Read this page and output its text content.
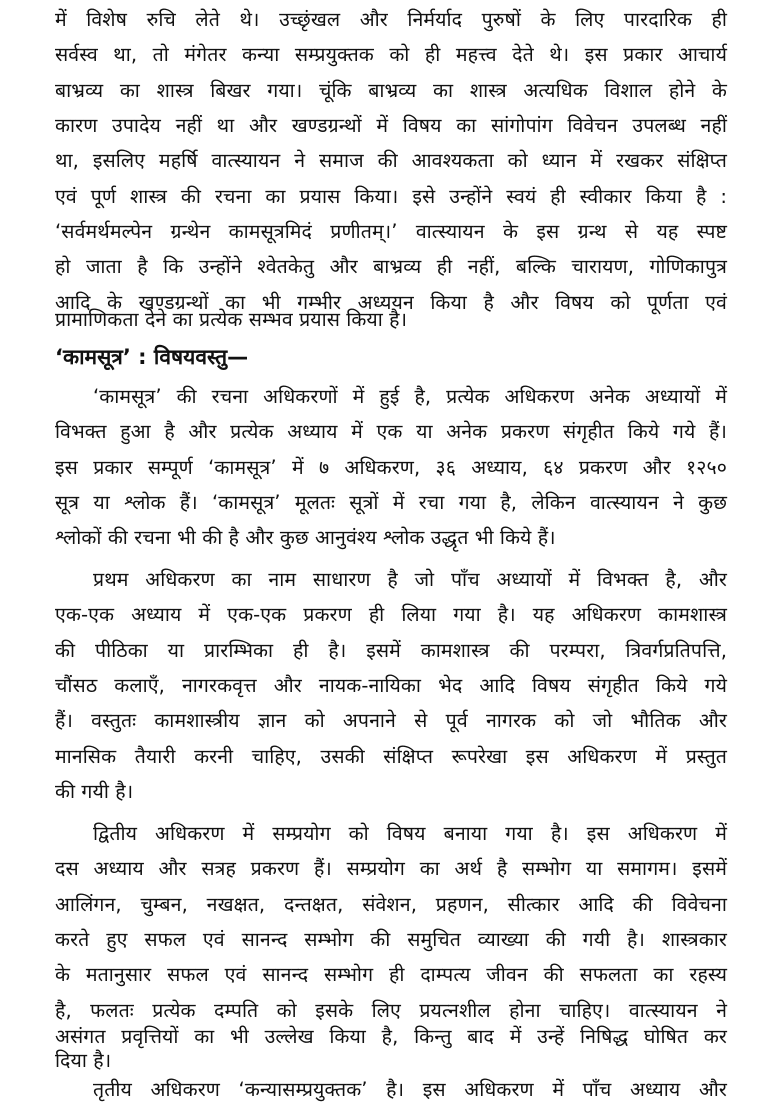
में विशेष रुचि लेते थे। उच्छृंखल और निर्मर्याद पुरुषों के लिए पारदारिक ही
सर्वस्व था, तो मंगेतर कन्या सम्प्रयुक्तक को ही महत्त्व देते थे। इस प्रकार आचार्य
बाभ्रव्य का शास्त्र बिखर गया। चूंकि बाभ्रव्य का शास्त्र अत्यधिक विशाल होने के
कारण उपादेय नहीं था और खण्डग्रन्थों में विषय का सांगोपांग विवेचन उपलब्ध नहीं
था, इसलिए महर्षि वात्स्यायन ने समाज की आवश्यकता को ध्यान में रखकर संक्षिप्त
एवं पूर्ण शास्त्र की रचना का प्रयास किया। इसे उन्होंने स्वयं ही स्वीकार किया है :
‘सर्वमर्थमल्पेन ग्रन्थेन कामसूत्रमिदं प्रणीतम्।’ वात्स्यायन के इस ग्रन्थ से यह स्पष्ट
हो जाता है कि उन्होंने श्वेतकेतु और बाभ्रव्य ही नहीं, बल्कि चारायण, गोणिकापुत्र
आदि के खण्डग्रन्थों का भी गम्भीर अध्ययन किया है और विषय को पूर्णता एवं
प्रामाणिकता देने का प्रत्येक सम्भव प्रयास किया है।
‘कामसूत्र’ : विषयवस्तु—
‘कामसूत्र’ की रचना अधिकरणों में हुई है, प्रत्येक अधिकरण अनेक अध्यायों में
विभक्त हुआ है और प्रत्येक अध्याय में एक या अनेक प्रकरण संगृहीत किये गये हैं।
इस प्रकार सम्पूर्ण ‘कामसूत्र’ में ७ अधिकरण, ३६ अध्याय, ६४ प्रकरण और १२५०
सूत्र या श्लोक हैं। ‘कामसूत्र’ मूलतः सूत्रों में रचा गया है, लेकिन वात्स्यायन ने कुछ
श्लोकों की रचना भी की है और कुछ आनुवंश्य श्लोक उद्धृत भी किये हैं।
प्रथम अधिकरण का नाम साधारण है जो पाँच अध्यायों में विभक्त है, और
एक-एक अध्याय में एक-एक प्रकरण ही लिया गया है। यह अधिकरण कामशास्त्र
की पीठिका या प्रारम्भिका ही है। इसमें कामशास्त्र की परम्परा, त्रिवर्गप्रतिपत्ति,
चौंसठ कलाएँ, नागरकवृत्त और नायक-नायिका भेद आदि विषय संगृहीत किये गये
हैं। वस्तुतः कामशास्त्रीय ज्ञान को अपनाने से पूर्व नागरक को जो भौतिक और
मानसिक तैयारी करनी चाहिए, उसकी संक्षिप्त रूपरेखा इस अधिकरण में प्रस्तुत
की गयी है।
द्वितीय अधिकरण में सम्प्रयोग को विषय बनाया गया है। इस अधिकरण में
दस अध्याय और सत्रह प्रकरण हैं। सम्प्रयोग का अर्थ है सम्भोग या समागम। इसमें
आलिंगन, चुम्बन, नखक्षत, दन्तक्षत, संवेशन, प्रहणन, सीत्कार आदि की विवेचना
करते हुए सफल एवं सानन्द सम्भोग की समुचित व्याख्या की गयी है। शास्त्रकार
के मतानुसार सफल एवं सानन्द सम्भोग ही दाम्पत्य जीवन की सफलता का रहस्य
है, फलतः प्रत्येक दम्पति को इसके लिए प्रयत्नशील होना चाहिए। वात्स्यायन ने
असंगत प्रवृत्तियों का भी उल्लेख किया है, किन्तु बाद में उन्हें निषिद्ध घोषित कर
दिया है।
तृतीय अधिकरण ‘कन्यासम्प्रयुक्तक’ है। इस अधिकरण में पाँच अध्याय और
